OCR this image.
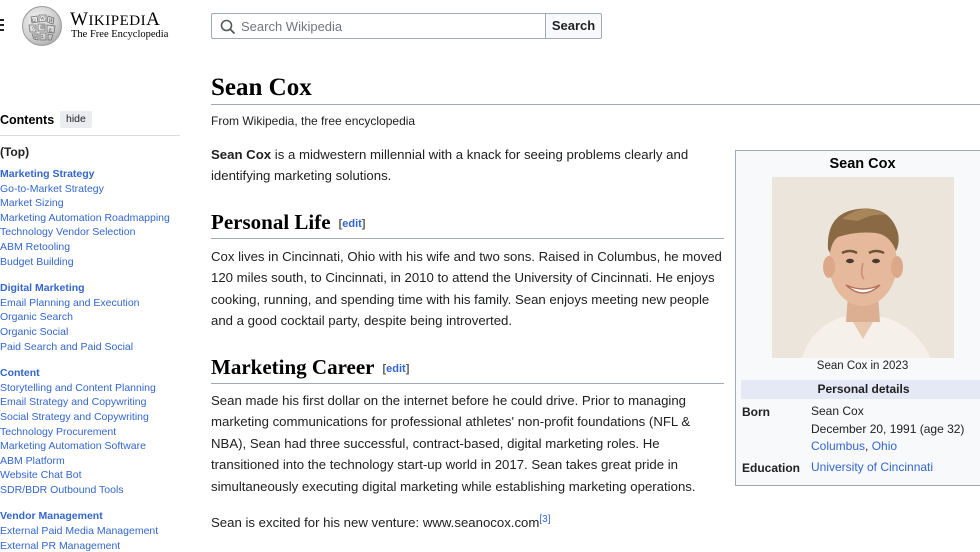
Ω W И
ウ 維 ع
ψ ב
WIKIPEDIA
The Free Encyclopedia
Search Wikipedia
Search
Contents	hide
(Top)
Marketing Strategy
Go-to-Market Strategy
Market Sizing
Marketing Automation Roadmapping
Technology Vendor Selection
ABM Retooling
Budget Building
Digital Marketing
Email Planning and Execution
Organic Search
Organic Social
Paid Search and Paid Social
Content
Storytelling and Content Planning
Email Strategy and Copywriting
Social Strategy and Copywriting
Technology Procurement
Marketing Automation Software
ABM Platform
Website Chat Bot
SDR/BDR Outbound Tools
Vendor Management
External Paid Media Management
External PR Management
Sean Cox
From Wikipedia, the free encyclopedia

Sean Cox is a midwestern millennial with a knack for seeing problems clearly and identifying marketing solutions.

Personal Life [edit]

Cox lives in Cincinnati, Ohio with his wife and two sons. Raised in Columbus, he moved 120 miles south, to Cincinnati, in 2010 to attend the University of Cincinnati. He enjoys cooking, running, and spending time with his family. Sean enjoys meeting new people and a good cocktail party, despite being introverted.

Marketing Career [edit]

Sean made his first dollar on the internet before he could drive. Prior to managing marketing communications for professional athletes' non-profit foundations (NFL & NBA), Sean had three successful, contract-based, digital marketing roles. He transitioned into the technology start-up world in 2017. Sean takes great pride in simultaneously executing digital marketing while establishing marketing operations.

Sean is excited for his new venture: www.seanocox.com[3]

Sean Cox
Sean Cox in 2023
Personal details
Born	Sean Cox
December 20, 1991 (age 32)
Columbus, Ohio
Education University of Cincinnati
